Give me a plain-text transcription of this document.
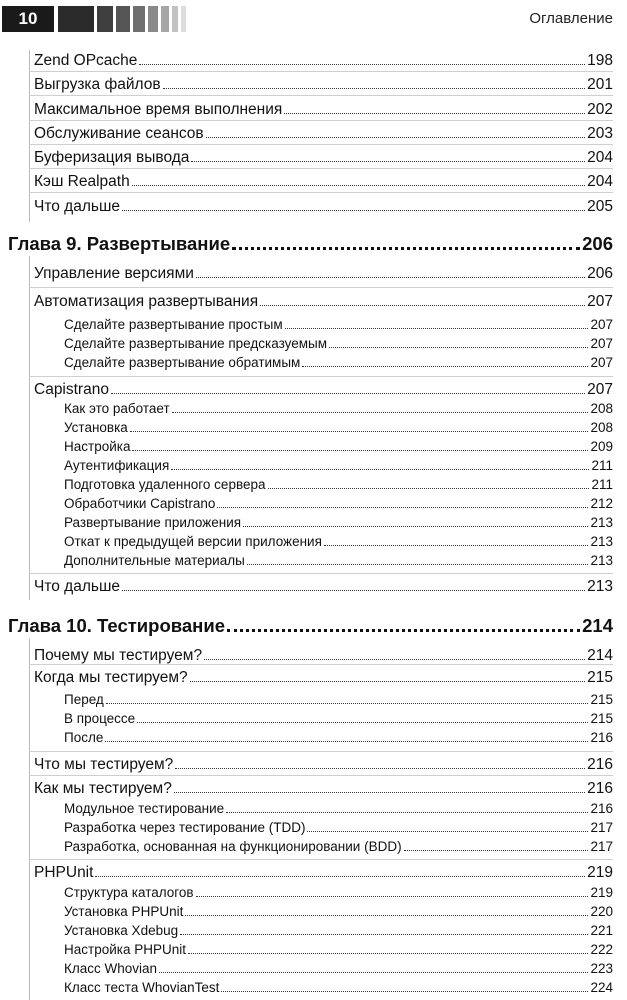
10	Оглавление
Zend OPcache	198
Выгрузка файлов	201
Максимальное время выполнения	202
Обслуживание сеансов	203
Буферизация вывода	204
Кэш Realpath	204
Что дальше	205
Глава 9. Развертывание	206
Управление версиями	206
Автоматизация развертывания	207
Сделайте развертывание простым	207
Сделайте развертывание предсказуемым	207
Сделайте развертывание обратимым	207
Capistrano	207
Как это работает	208
Установка	208
Настройка	209
Аутентификация	211
Подготовка удаленного сервера	211
Обработчики Capistrano	212
Развертывание приложения	213
Откат к предыдущей версии приложения	213
Дополнительные материалы	213
Что дальше	213
Глава 10. Тестирование	214
Почему мы тестируем?	214
Когда мы тестируем?	215
Перед	215
В процессе	215
После	216
Что мы тестируем?	216
Как мы тестируем?	216
Модульное тестирование	216
Разработка через тестирование (TDD)	217
Разработка, основанная на функционировании (BDD)	217
PHPUnit	219
Структура каталогов	219
Установка PHPUnit	220
Установка Xdebug	221
Настройка PHPUnit	222
Класс Whovian	223
Класс теста WhovianTest	224
